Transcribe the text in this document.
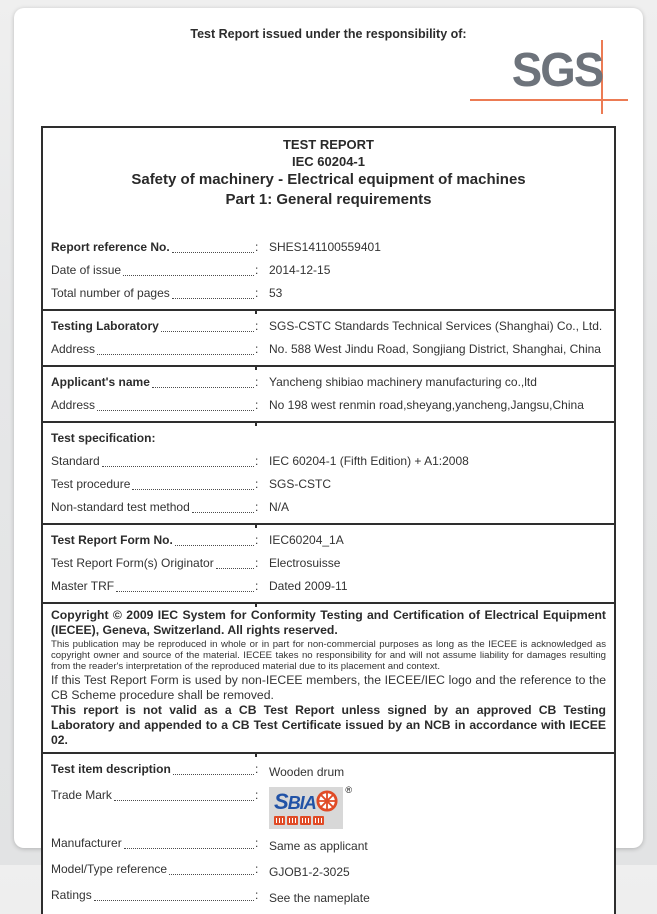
Test Report issued under the responsibility of:
SGS
TEST REPORT
IEC 60204-1
Safety of machinery - Electrical equipment of machines
Part 1: General requirements
Report reference No.	: SHES141100559401
Date of issue	: 2014-12-15
Total number of pages	: 53
Testing Laboratory	: SGS-CSTC Standards Technical Services (Shanghai) Co., Ltd.
Address	: No. 588 West Jindu Road, Songjiang District, Shanghai, China
Applicant's name	: Yancheng shibiao machinery manufacturing co.,ltd
Address	: No 198 west renmin road,sheyang,yancheng,Jangsu,China
Test specification:
Standard	: IEC 60204-1 (Fifth Edition) + A1:2008
Test procedure	: SGS-CSTC
Non-standard test method	: N/A
Test Report Form No.	: IEC60204_1A
Test Report Form(s) Originator	: Electrosuisse
Master TRF	: Dated 2009-11
Copyright © 2009 IEC System for Conformity Testing and Certification of Electrical Equipment (IECEE), Geneva, Switzerland. All rights reserved.
This publication may be reproduced in whole or in part for non-commercial purposes as long as the IECEE is acknowledged as copyright owner and source of the material. IECEE takes no responsibility for and will not assume liability for damages resulting from the reader's interpretation of the reproduced material due to its placement and context.
If this Test Report Form is used by non-IECEE members, the IECEE/IEC logo and the reference to the CB Scheme procedure shall be removed.
This report is not valid as a CB Test Report unless signed by an approved CB Testing Laboratory and appended to a CB Test Certificate issued by an NCB in accordance with IECEE 02.
Test item description	: Wooden drum
Trade Mark	: SBIA
®
Manufacturer	: Same as applicant
Model/Type reference	: GJOB1-2-3025
Ratings	: See the nameplate
